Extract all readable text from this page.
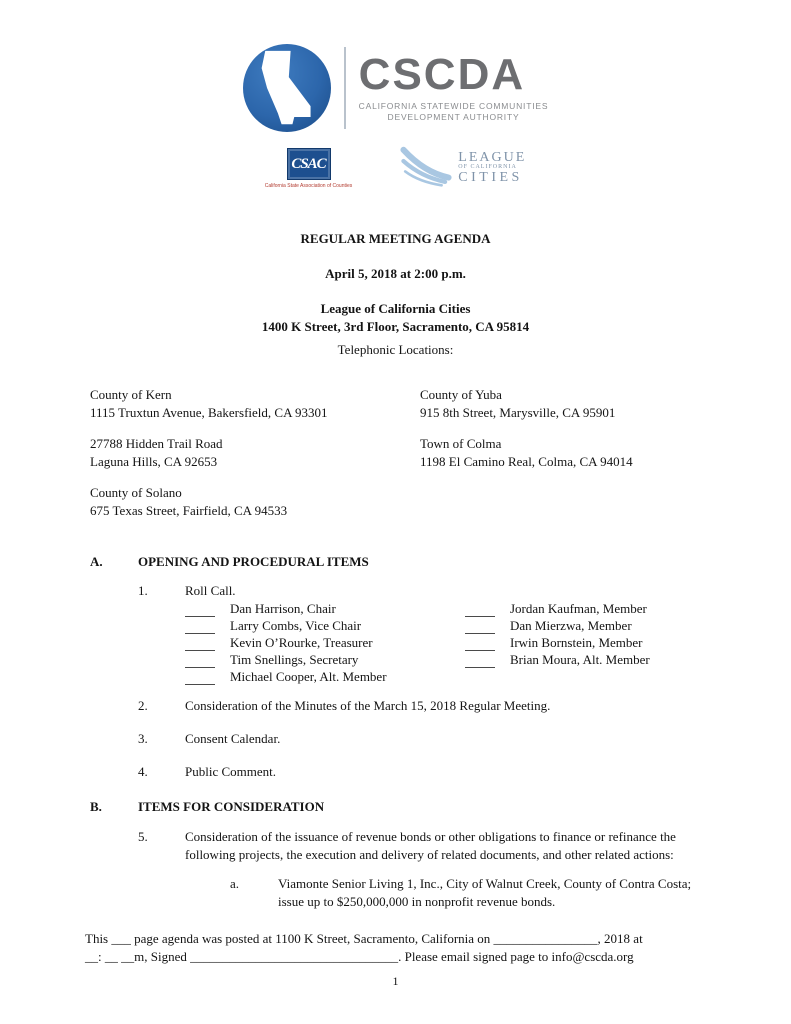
CSCDA
CALIFORNIA STATEWIDE COMMUNITIES
DEVELOPMENT AUTHORITY
CSAC
California State Association of Counties
LEAGUE
OF CALIFORNIA
CITIES
REGULAR MEETING AGENDA
April 5, 2018 at 2:00 p.m.
League of California Cities
1400 K Street, 3rd Floor, Sacramento, CA 95814
Telephonic Locations:
County of Kern
1115 Truxtun Avenue, Bakersfield, CA 93301
27788 Hidden Trail Road
Laguna Hills, CA 92653
County of Solano
675 Texas Street, Fairfield, CA 94533
County of Yuba
915 8th Street, Marysville, CA 95901
Town of Colma
1198 El Camino Real, Colma, CA 94014
A.	OPENING AND PROCEDURAL ITEMS
1.	Roll Call.
Dan Harrison, Chair
Larry Combs, Vice Chair
Kevin O’Rourke, Treasurer
Tim Snellings, Secretary
Michael Cooper, Alt. Member
Jordan Kaufman, Member
Dan Mierzwa, Member
Irwin Bornstein, Member
Brian Moura, Alt. Member
2.	Consideration of the Minutes of the March 15, 2018 Regular Meeting.
3.	Consent Calendar.
4.	Public Comment.
B.	ITEMS FOR CONSIDERATION
5.	Consideration of the issuance of revenue bonds or other obligations to finance or refinance the following projects, the execution and delivery of related documents, and other related actions:
a.	Viamonte Senior Living 1, Inc., City of Walnut Creek, County of Contra Costa; issue up to $250,000,000 in nonprofit revenue bonds.
This ___ page agenda was posted at 1100 K Street, Sacramento, California on ________________, 2018 at
__: __ __m, Signed ________________________________. Please email signed page to info@cscda.org
1
